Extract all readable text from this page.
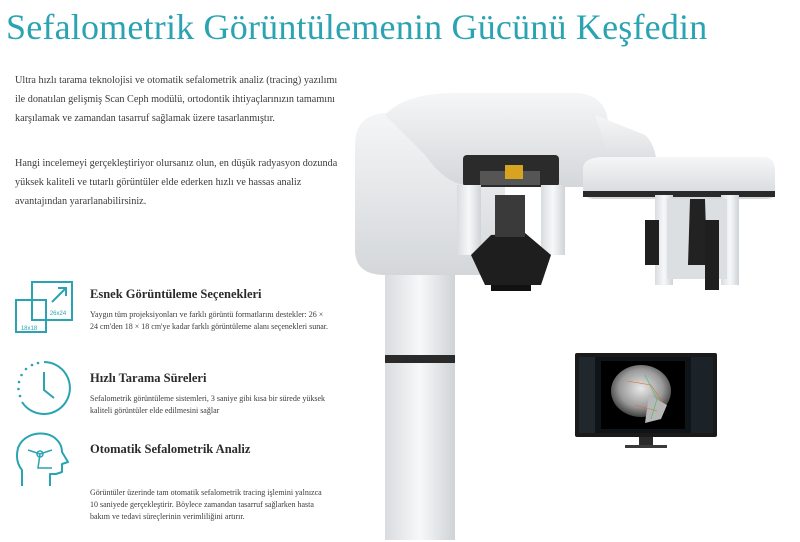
Sefalometrik Görüntülemenin Gücünü Keşfedin

Ultra hızlı tarama teknolojisi ve otomatik sefalometrik analiz (tracing) yazılımı ile donatılan gelişmiş Scan Ceph modülü, ortodontik ihtiyaçlarınızın tamamını karşılamak ve zamandan tasarruf sağlamak üzere tasarlanmıştır.

Hangi incelemeyi gerçekleştiriyor olursanız olun, en düşük radyasyon dozunda yüksek kaliteli ve tutarlı görüntüler elde ederken hızlı ve hassas analiz avantajından yararlanabilirsiniz.

26x24
18x18
Esnek Görüntüleme Seçenekleri

Yaygın tüm projeksiyonları ve farklı görüntü formatlarını destekler: 26 × 24 cm'den 18 × 18 cm'ye kadar farklı görüntüleme alanı seçenekleri sunar.

Hızlı Tarama Süreleri

Sefalometrik görüntüleme sistemleri, 3 saniye gibi kısa bir sürede yüksek kaliteli görüntüler elde edilmesini sağlar

Otomatik Sefalometrik Analiz

Görüntüler üzerinde tam otomatik sefalometrik tracing işlemini yalnızca 10 saniyede gerçekleştirir. Böylece zamandan tasarruf sağlarken hasta bakım ve tedavi süreçlerinin verimliliğini artırır.
